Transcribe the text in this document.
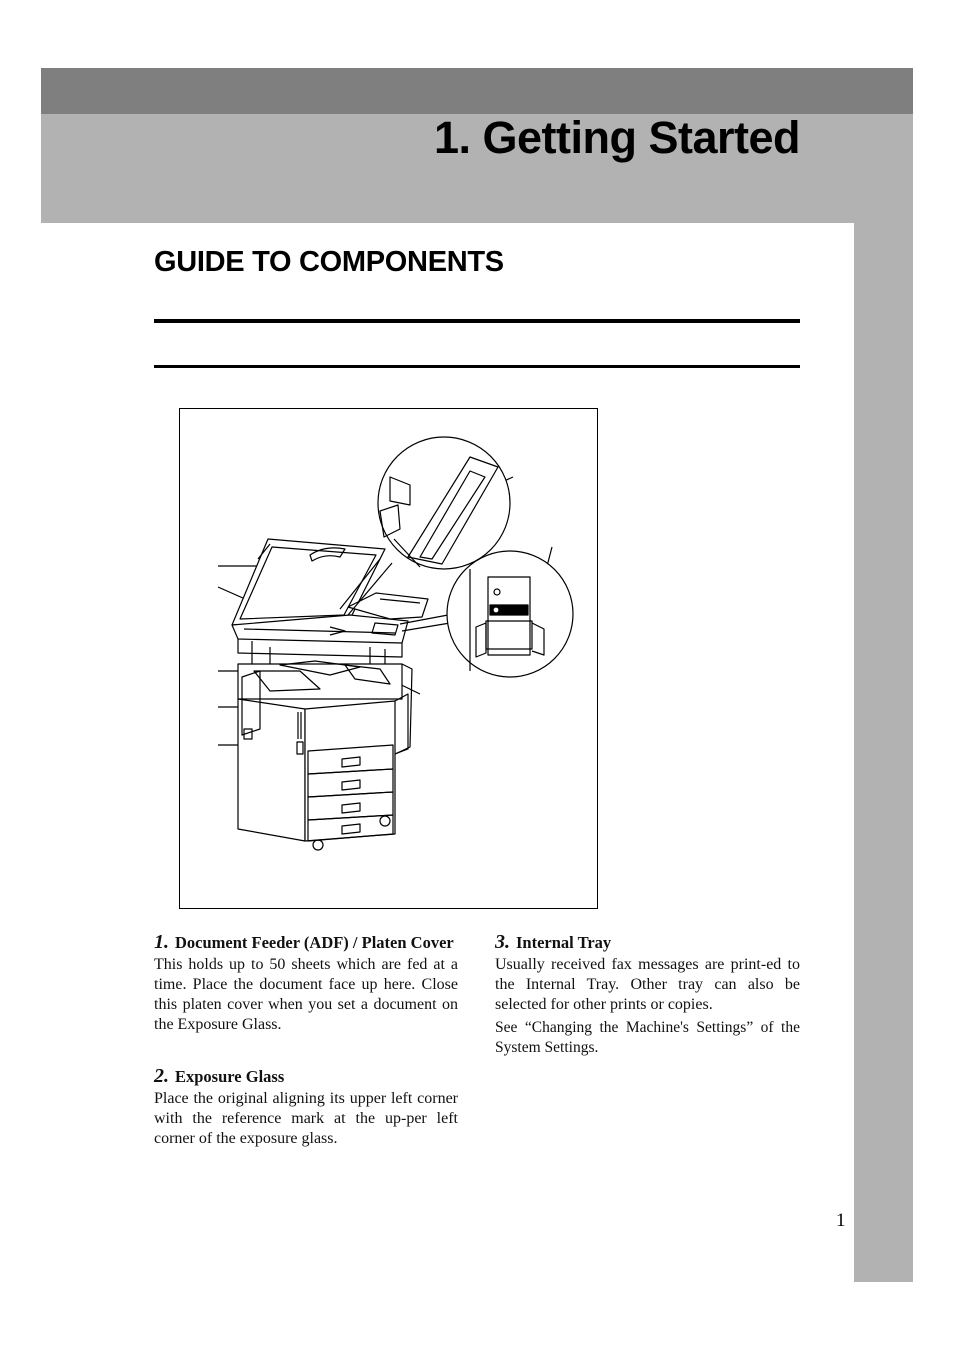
1. Getting Started
GUIDE TO COMPONENTS
1. Document Feeder (ADF) / Platen Cover

This holds up to 50 sheets which are fed at a time. Place the document face up here. Close this platen cover when you set a document on the Exposure Glass.

2. Exposure Glass

Place the original aligning its upper left corner with the reference mark at the up-per left corner of the exposure glass.

3. Internal Tray

Usually received fax messages are print-ed to the Internal Tray. Other tray can also be selected for other prints or copies.

See “Changing the Machine's Settings” of the System Settings.

1
